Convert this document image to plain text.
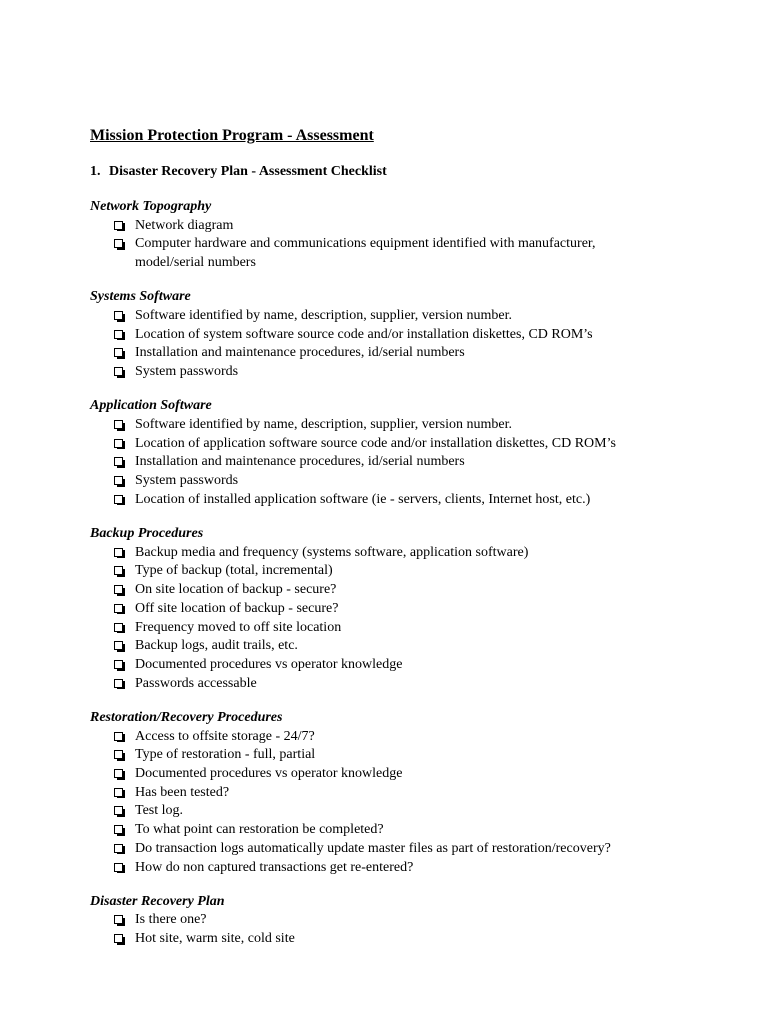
Mission Protection Program - Assessment
1. Disaster Recovery Plan - Assessment Checklist
Network Topography
Network diagram
Computer hardware and communications equipment identified with manufacturer, model/serial numbers
Systems Software
Software identified by name, description, supplier, version number.
Location of system software source code and/or installation diskettes, CD ROM’s
Installation and maintenance procedures, id/serial numbers
System passwords
Application Software
Software identified by name, description, supplier, version number.
Location of application software source code and/or installation diskettes, CD ROM’s
Installation and maintenance procedures, id/serial numbers
System passwords
Location of installed application software (ie - servers, clients, Internet host, etc.)
Backup Procedures
Backup media and frequency (systems software, application software)
Type of backup (total, incremental)
On site location of backup - secure?
Off site location of backup - secure?
Frequency moved to off site location
Backup logs, audit trails, etc.
Documented procedures vs operator knowledge
Passwords accessable
Restoration/Recovery Procedures
Access to offsite storage - 24/7?
Type of restoration - full, partial
Documented procedures vs operator knowledge
Has been tested?
Test log.
To what point can restoration be completed?
Do transaction logs automatically update master files as part of restoration/recovery?
How do non captured transactions get re-entered?
Disaster Recovery Plan
Is there one?
Hot site, warm site, cold site
